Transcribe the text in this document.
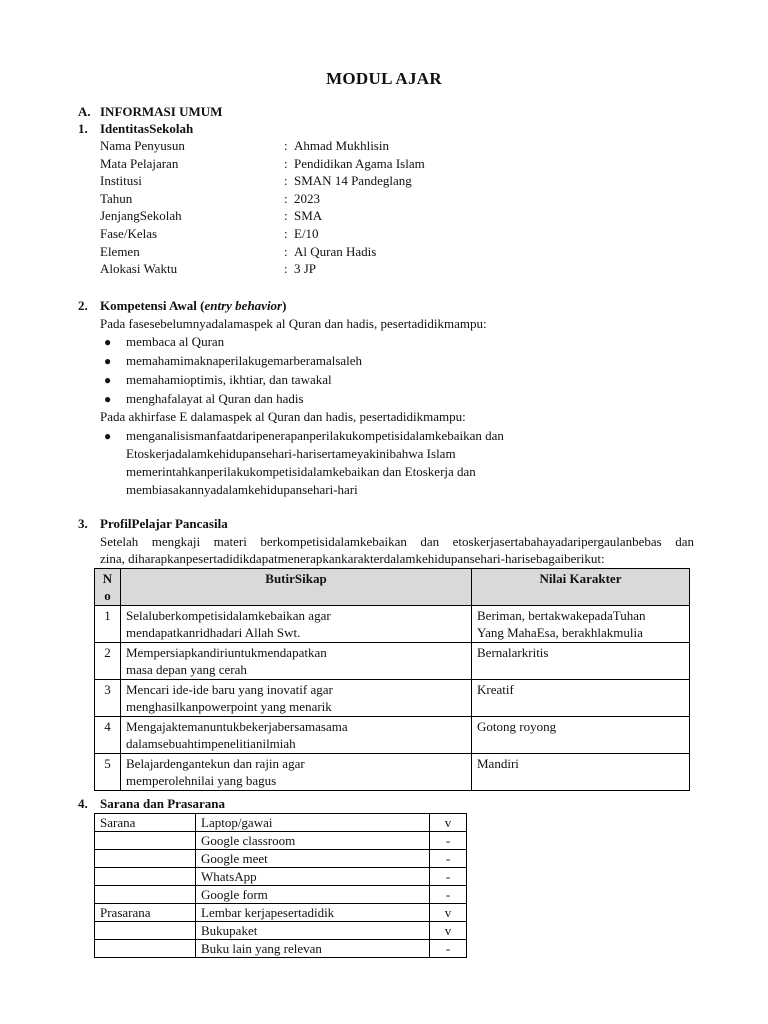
MODUL AJAR
A. INFORMASI UMUM
1. IdentitasSekolah
Nama Penyusun	: Ahmad Mukhlisin
Mata Pelajaran	: Pendidikan Agama Islam
Institusi	: SMAN 14 Pandeglang
Tahun	: 2023
JenjangSekolah	: SMA
Fase/Kelas	: E/10
Elemen	: Al Quran Hadis
Alokasi Waktu	: 3 JP
2. Kompetensi Awal (entry behavior)
Pada fasesebelumnyadalamaspek al Quran dan hadis, pesertadidikmampu:
● membaca al Quran
● memahamimaknaperilakugemarberamalsaleh
● memahamioptimis, ikhtiar, dan tawakal
● menghafalayat al Quran dan hadis
Pada akhirfase E dalamaspek al Quran dan hadis, pesertadidikmampu:
● menganalisismanfaatdaripenerapanperilakukompetisidalamkebaikan dan
Etoskerjadalamkehidupansehari-harisertameyakinibahwa Islam
memerintahkanperilakukompetisidalamkebaikan dan Etoskerja dan
membiasakannyadalamkehidupansehari-hari
3. ProfilPelajar Pancasila
Setelah mengkaji materi berkompetisidalamkebaikan dan etoskerjasertabahayadaripergaulanbebas dan
zina, diharapkanpesertadidikdapatmenerapkankarakterdalamkehidupansehari-harisebagaiberikut:
N
o	ButirSikap	Nilai Karakter
1	Selaluberkompetisidalamkebaikan agar
mendapatkanridhadari Allah Swt.	Beriman, bertakwakepadaTuhan
Yang MahaEsa, berakhlakmulia
2	Mempersiapkandiriuntukmendapatkan
masa depan yang cerah	Bernalarkritis
3	Mencari ide-ide baru yang inovatif agar
menghasilkanpowerpoint yang menarik	Kreatif
4	Mengajaktemanuntukbekerjabersamasama
dalamsebuahtimpenelitianilmiah	Gotong royong
5	Belajardengantekun dan rajin agar
memperolehnilai yang bagus	Mandiri
4. Sarana dan Prasarana
Sarana	Laptop/gawai	v
	Google classroom	-
	Google meet	-
	WhatsApp	-
	Google form	-
Prasarana	Lembar kerjapesertadidik	v
	Bukupaket	v
	Buku lain yang relevan	-
